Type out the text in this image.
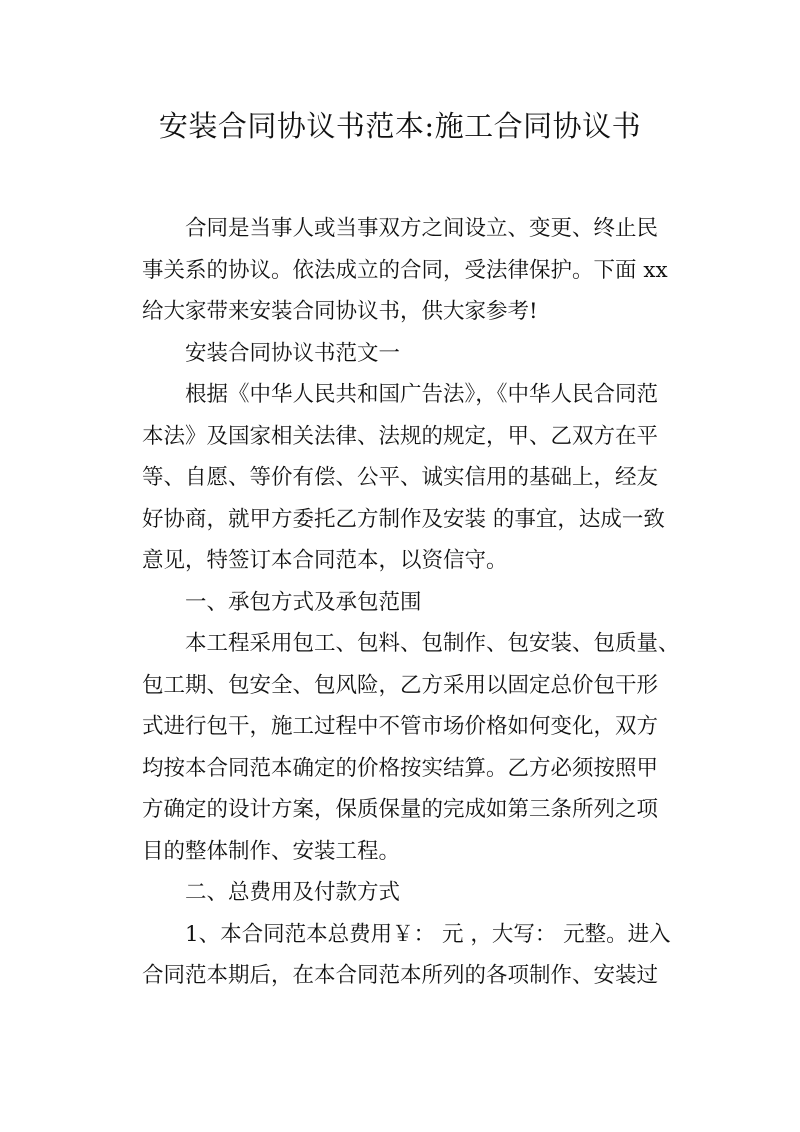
安装合同协议书范本:施工合同协议书
合同是当事人或当事双方之间设立、变更、终止民
事关系的协议。依法成立的合同，受法律保护。下面 xx
给大家带来安装合同协议书，供大家参考!
安装合同协议书范文一
根据《中华人民共和国广告法》，《中华人民合同范
本法》及国家相关法律、法规的规定，甲、乙双方在平
等、自愿、等价有偿、公平、诚实信用的基础上，经友
好协商，就甲方委托乙方制作及安装 的事宜，达成一致
意见，特签订本合同范本，以资信守。
一、承包方式及承包范围
本工程采用包工、包料、包制作、包安装、包质量、
包工期、包安全、包风险，乙方采用以固定总价包干形
式进行包干，施工过程中不管市场价格如何变化，双方
均按本合同范本确定的价格按实结算。乙方必须按照甲
方确定的设计方案，保质保量的完成如第三条所列之项
目的整体制作、安装工程。
二、总费用及付款方式
1、本合同范本总费用￥： 元 ，大写： 元整。进入
合同范本期后，在本合同范本所列的各项制作、安装过
